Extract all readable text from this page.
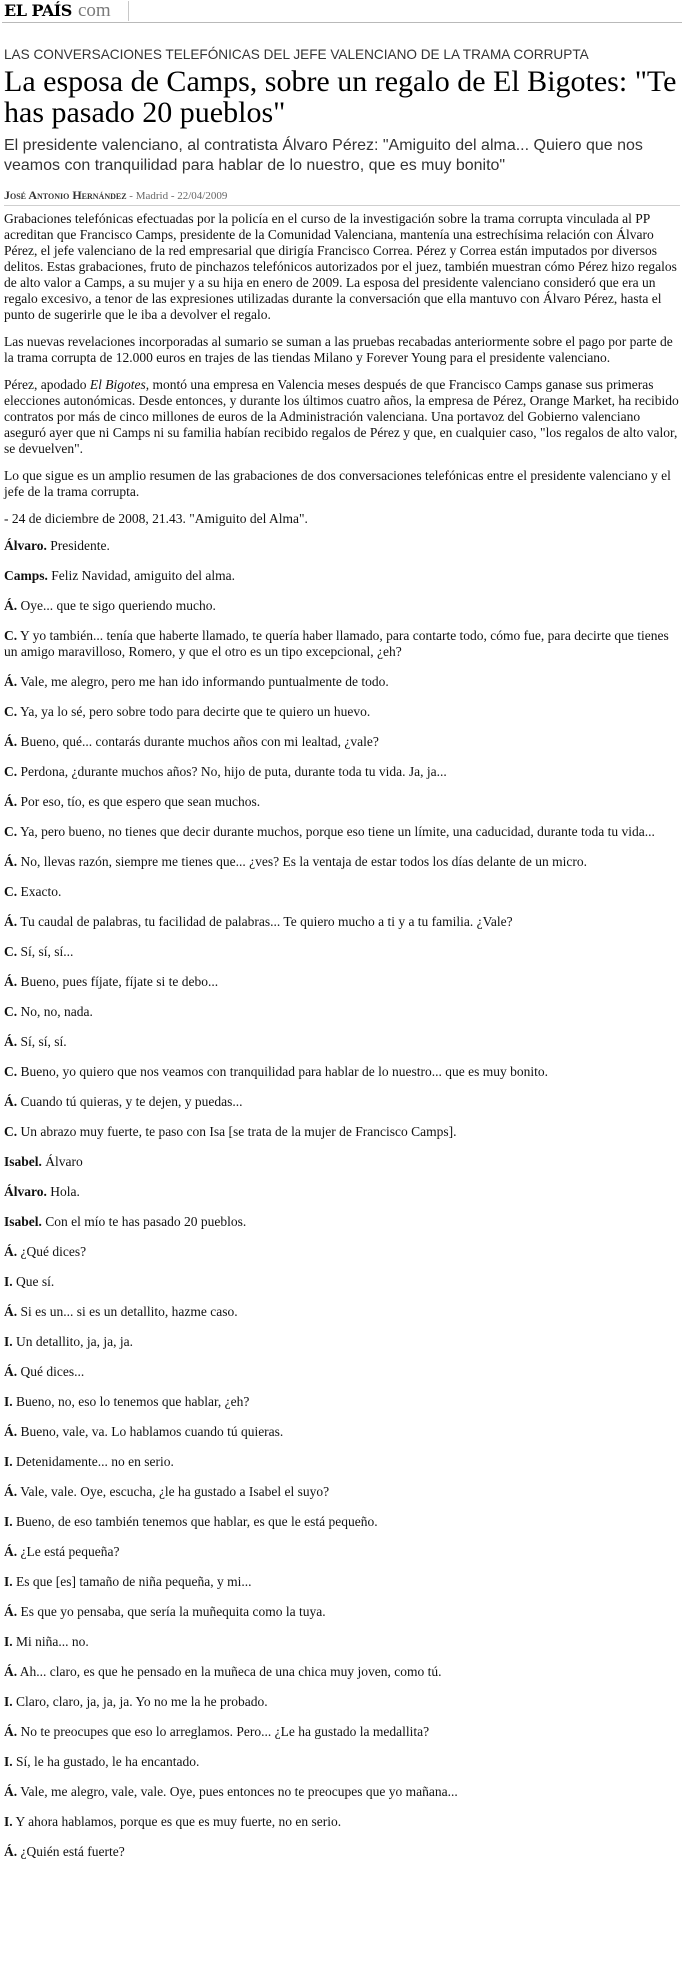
EL PAÍS com
LAS CONVERSACIONES TELEFÓNICAS DEL JEFE VALENCIANO DE LA TRAMA CORRUPTA
La esposa de Camps, sobre un regalo de El Bigotes: "Te has pasado 20 pueblos"
El presidente valenciano, al contratista Álvaro Pérez: "Amiguito del alma... Quiero que nos veamos con tranquilidad para hablar de lo nuestro, que es muy bonito"
José Antonio Hernández - Madrid - 22/04/2009

Grabaciones telefónicas efectuadas por la policía en el curso de la investigación sobre la trama corrupta vinculada al PP acreditan que Francisco Camps, presidente de la Comunidad Valenciana, mantenía una estrechísima relación con Álvaro Pérez, el jefe valenciano de la red empresarial que dirigía Francisco Correa. Pérez y Correa están imputados por diversos delitos. Estas grabaciones, fruto de pinchazos telefónicos autorizados por el juez, también muestran cómo Pérez hizo regalos de alto valor a Camps, a su mujer y a su hija en enero de 2009. La esposa del presidente valenciano consideró que era un regalo excesivo, a tenor de las expresiones utilizadas durante la conversación que ella mantuvo con Álvaro Pérez, hasta el punto de sugerirle que le iba a devolver el regalo.

Las nuevas revelaciones incorporadas al sumario se suman a las pruebas recabadas anteriormente sobre el pago por parte de la trama corrupta de 12.000 euros en trajes de las tiendas Milano y Forever Young para el presidente valenciano.

Pérez, apodado El Bigotes, montó una empresa en Valencia meses después de que Francisco Camps ganase sus primeras elecciones autonómicas. Desde entonces, y durante los últimos cuatro años, la empresa de Pérez, Orange Market, ha recibido contratos por más de cinco millones de euros de la Administración valenciana. Una portavoz del Gobierno valenciano aseguró ayer que ni Camps ni su familia habían recibido regalos de Pérez y que, en cualquier caso, "los regalos de alto valor, se devuelven".

Lo que sigue es un amplio resumen de las grabaciones de dos conversaciones telefónicas entre el presidente valenciano y el jefe de la trama corrupta.

- 24 de diciembre de 2008, 21.43. "Amiguito del Alma".

Álvaro. Presidente.

Camps. Feliz Navidad, amiguito del alma.

Á. Oye... que te sigo queriendo mucho.

C. Y yo también... tenía que haberte llamado, te quería haber llamado, para contarte todo, cómo fue, para decirte que tienes un amigo maravilloso, Romero, y que el otro es un tipo excepcional, ¿eh?

Á. Vale, me alegro, pero me han ido informando puntualmente de todo.

C. Ya, ya lo sé, pero sobre todo para decirte que te quiero un huevo.

Á. Bueno, qué... contarás durante muchos años con mi lealtad, ¿vale?

C. Perdona, ¿durante muchos años? No, hijo de puta, durante toda tu vida. Ja, ja...

Á. Por eso, tío, es que espero que sean muchos.

C. Ya, pero bueno, no tienes que decir durante muchos, porque eso tiene un límite, una caducidad, durante toda tu vida...

Á. No, llevas razón, siempre me tienes que... ¿ves? Es la ventaja de estar todos los días delante de un micro.

C. Exacto.

Á. Tu caudal de palabras, tu facilidad de palabras... Te quiero mucho a ti y a tu familia. ¿Vale?

C. Sí, sí, sí...

Á. Bueno, pues fíjate, fíjate si te debo...

C. No, no, nada.

Á. Sí, sí, sí.

C. Bueno, yo quiero que nos veamos con tranquilidad para hablar de lo nuestro... que es muy bonito.

Á. Cuando tú quieras, y te dejen, y puedas...

C. Un abrazo muy fuerte, te paso con Isa [se trata de la mujer de Francisco Camps].

Isabel. Álvaro

Álvaro. Hola.

Isabel. Con el mío te has pasado 20 pueblos.

Á. ¿Qué dices?

I. Que sí.

Á. Si es un... si es un detallito, hazme caso.

I. Un detallito, ja, ja, ja.

Á. Qué dices...

I. Bueno, no, eso lo tenemos que hablar, ¿eh?

Á. Bueno, vale, va. Lo hablamos cuando tú quieras.

I. Detenidamente... no en serio.

Á. Vale, vale. Oye, escucha, ¿le ha gustado a Isabel el suyo?

I. Bueno, de eso también tenemos que hablar, es que le está pequeño.

Á. ¿Le está pequeña?

I. Es que [es] tamaño de niña pequeña, y mi...

Á. Es que yo pensaba, que sería la muñequita como la tuya.

I. Mi niña... no.

Á. Ah... claro, es que he pensado en la muñeca de una chica muy joven, como tú.

I. Claro, claro, ja, ja, ja. Yo no me la he probado.

Á. No te preocupes que eso lo arreglamos. Pero... ¿Le ha gustado la medallita?

I. Sí, le ha gustado, le ha encantado.

Á. Vale, me alegro, vale, vale. Oye, pues entonces no te preocupes que yo mañana...

I. Y ahora hablamos, porque es que es muy fuerte, no en serio.

Á. ¿Quién está fuerte?
